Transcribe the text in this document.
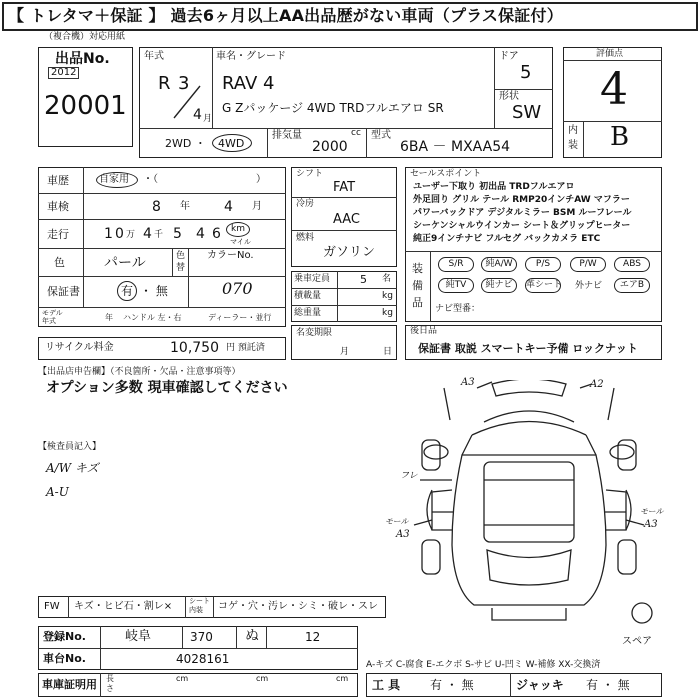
【 トレタマ＋保証 】 過去6ヶ月以上AA出品歴がない車両（プラス保証付）
（複合機）対応用紙
出品No.
2012
20001
年式
R 3
4 月
車名・グレード
RAV 4
G Zパッケージ 4WD TRDフルエアロ SR
ドア
5
形状
SW
2WD ・ 4WD
排気量	cc
2000
型式
6BA － MXAA54
評価点
4
内
装 B
車歴	自家用 ・（	）
車検	8 年 4 月
走行	1 0 万 4 千 5 4 6 km
マイル
色	パール	色
替
カラーNo.
070
保証書	有 ・ 無
モデル
年式	年 ハンドル 左・右	ディーラー・並行
リサイクル料金	10,750 円 預託済
シフト
FAT
冷房
AAC
燃料
ガソリン
乗車定員	5 名
積載量	kg
総重量	kg
名変期限
月	日
セールスポイント
ユーザー下取り 初出品 TRDフルエアロ
外足回り グリル テール RMP20インチAW マフラー
パワーバックドア デジタルミラー BSM ルーフレール
シーケンシャルウインカー シート＆グリップヒーター
純正9インチナビ フルセグ バックカメラ ETC
装
備
品
S/R	純A/W	P/S	P/W	ABS
純TV	純ナビ	革シート 外ナビ	エアB
ナビ型番：
後日品
保証書 取説 スマートキー予備 ロックナット
【出品店申告欄】（不良箇所・欠品・注意事項等）
オプション多数 現車確認してください
【検査員記入】
A/W キズ
A-U
A3	A2
フレ
モール
A3
モール
A3
スペア
FW キズ・ヒビ石・割レ× シート
内装 コゲ・穴・汚レ・シミ・破レ・スレ
登録No.	岐阜	370 ぬ	12
車台No.	4028161	A-キズ C-腐食 E-エクボ S-サビ U-凹ミ W-補修 XX-交換済
車庫証明用 長
さ
cm	cm	cm 工 具 有 ・ 無	ジャッキ 有 ・ 無
